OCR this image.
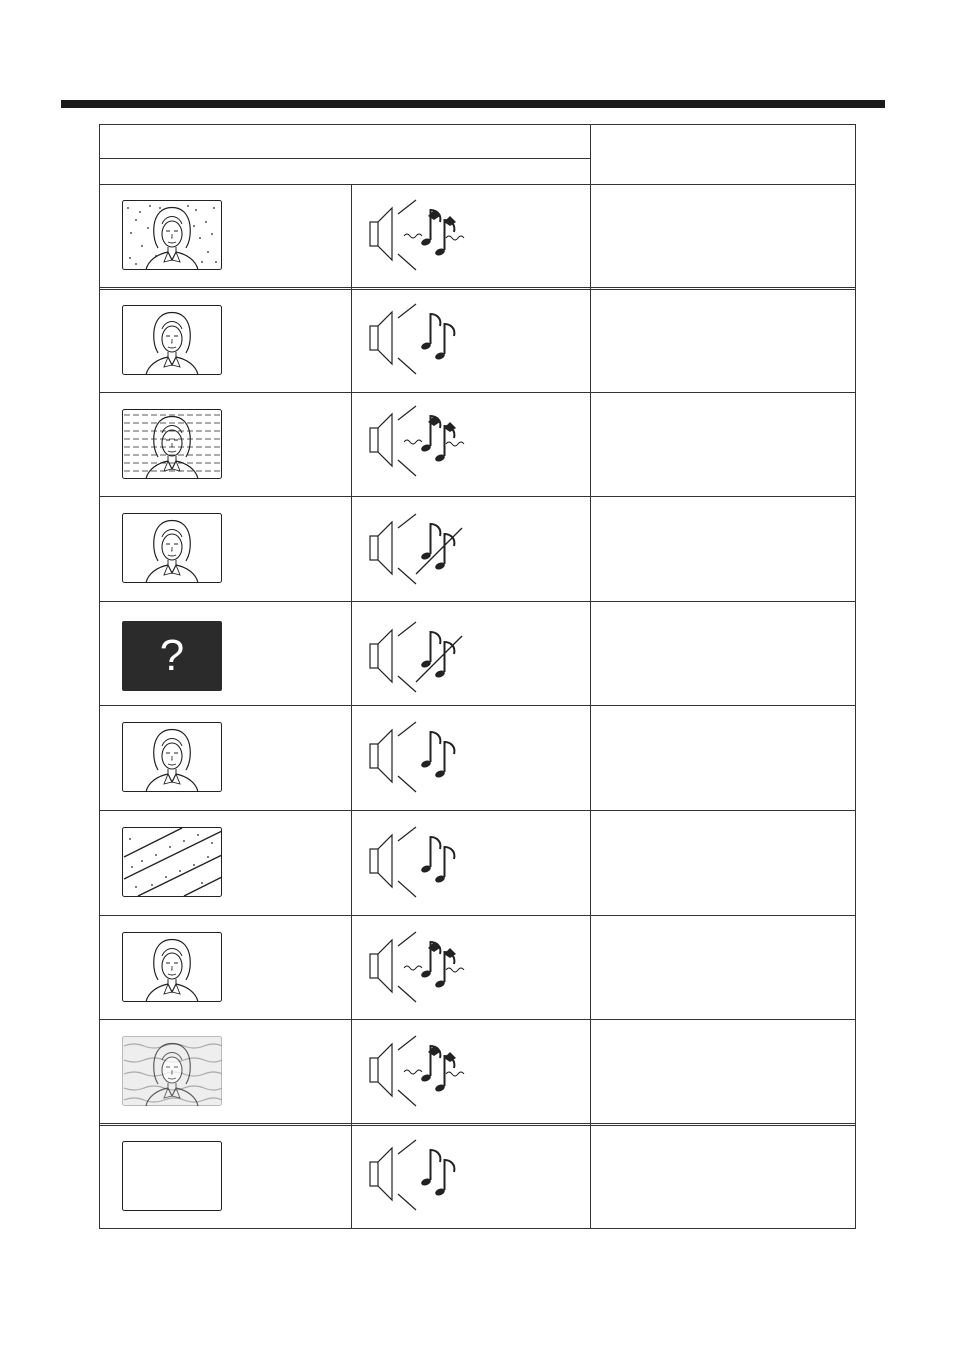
?
